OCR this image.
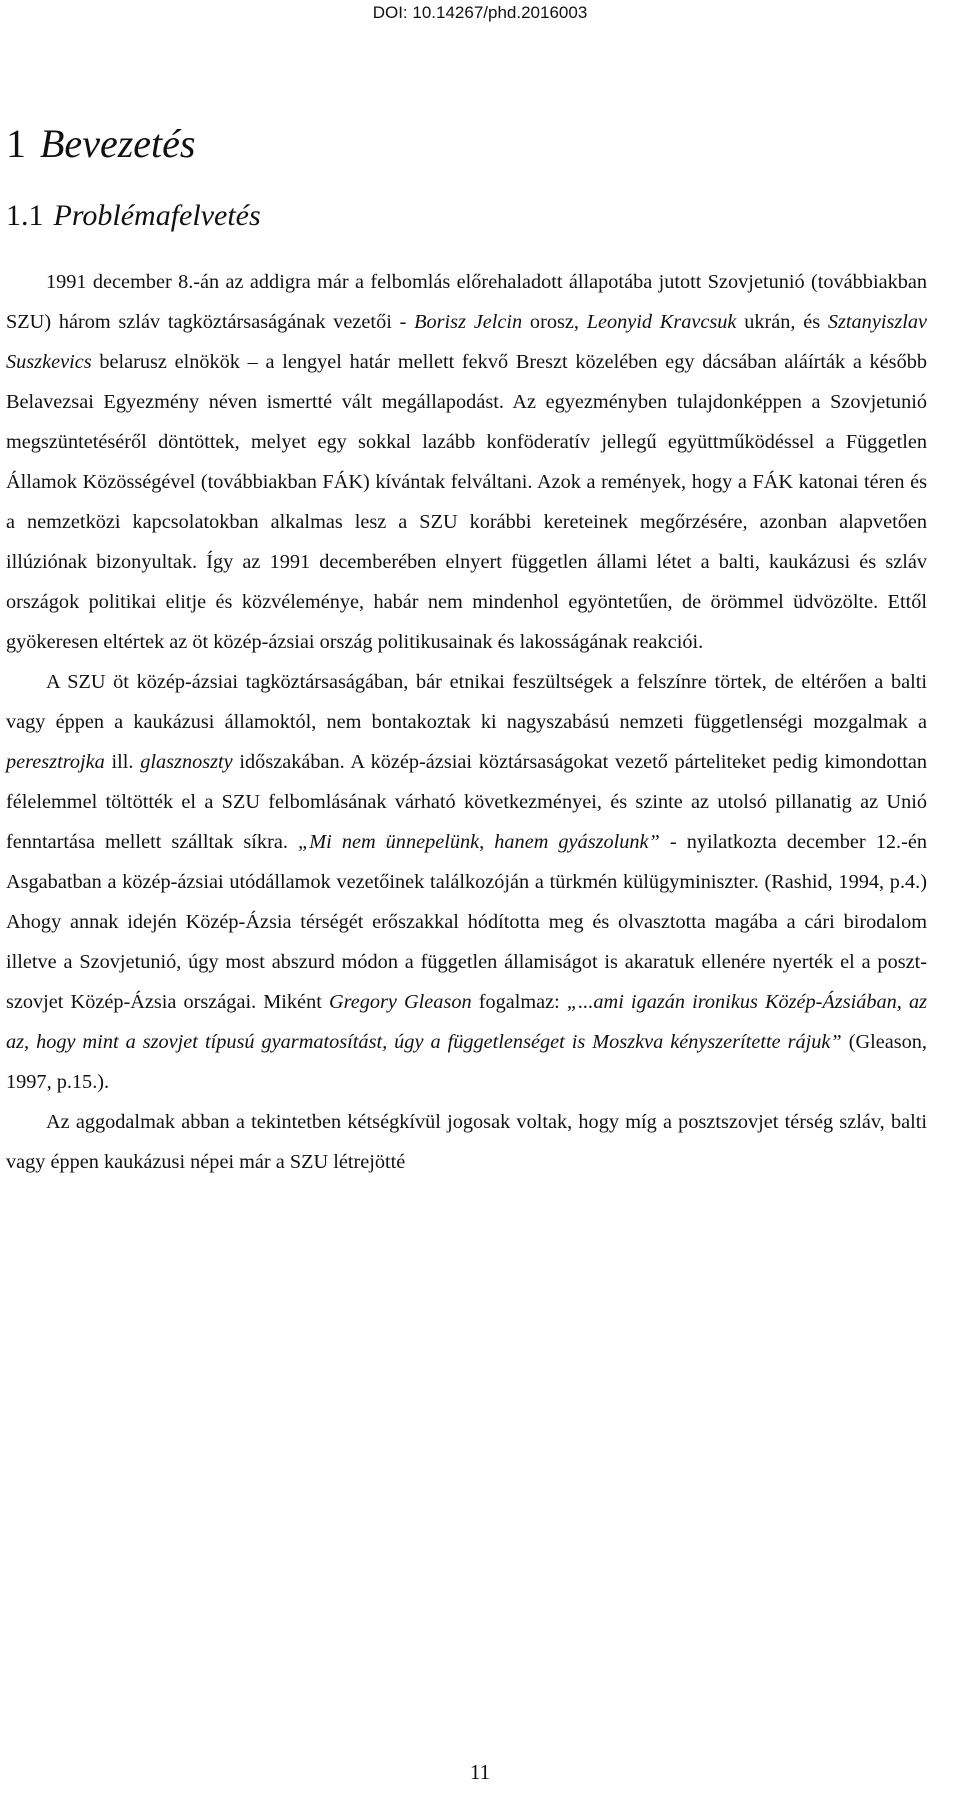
DOI: 10.14267/phd.2016003
1 Bevezetés
1.1 Problémafelvetés

1991 december 8.-án az addigra már a felbomlás előrehaladott állapotába jutott Szovjetunió (továbbiakban SZU) három szláv tagköztársaságának vezetői - Borisz Jelcin orosz, Leonyid Kravcsuk ukrán, és Sztanyiszlav Suszkevics belarusz elnökök – a lengyel határ mellett fekvő Breszt közelében egy dácsában aláírták a később Belavezsai Egyezmény néven ismertté vált megállapodást. Az egyezményben tulajdonképpen a Szovjetunió megszüntetéséről döntöttek, melyet egy sokkal lazább konföderatív jellegű együttműködéssel a Független Államok Közösségével (továbbiakban FÁK) kívántak felváltani. Azok a remények, hogy a FÁK katonai téren és a nemzetközi kapcsolatokban alkalmas lesz a SZU korábbi kereteinek megőrzésére, azonban alapvetően illúziónak bizonyultak. Így az 1991 decemberében elnyert független állami létet a balti, kaukázusi és szláv országok politikai elitje és közvéleménye, habár nem mindenhol egyöntetűen, de örömmel üdvözölte. Ettől gyökeresen eltértek az öt közép-ázsiai ország politikusainak és lakosságának reakciói.

A SZU öt közép-ázsiai tagköztársaságában, bár etnikai feszültségek a felszínre törtek, de eltérően a balti vagy éppen a kaukázusi államoktól, nem bontakoztak ki nagyszabású nemzeti függetlenségi mozgalmak a peresztrojka ill. glasznoszty időszakában. A közép-ázsiai köztársaságokat vezető pártelitеket pedig kimondottan félelemmel töltötték el a SZU felbomlásának várható következményei, és szinte az utolsó pillanatig az Unió fenntartása mellett szálltak síkra. „Mi nem ünnepelünk, hanem gyászolunk” - nyilatkozta december 12.-én Asgabatban a közép-ázsiai utódállamok vezetőinek találkozóján a türkmén külügyminiszter. (Rashid, 1994, p.4.) Ahogy annak idején Közép-Ázsia térségét erőszakkal hódította meg és olvasztotta magába a cári birodalom illetve a Szovjetunió, úgy most abszurd módon a független államiságot is akaratuk ellenére nyerték el a poszt-szovjet Közép-Ázsia országai. Miként Gregory Gleason fogalmaz: „...ami igazán ironikus Közép-Ázsiában, az az, hogy mint a szovjet típusú gyarmatosítást, úgy a függetlenséget is Moszkva kényszerítette rájuk” (Gleason, 1997, p.15.).

Az aggodalmak abban a tekintetben kétségkívül jogosak voltak, hogy míg a posztszovjet térség szláv, balti vagy éppen kaukázusi népei már a SZU létrejötté

11
